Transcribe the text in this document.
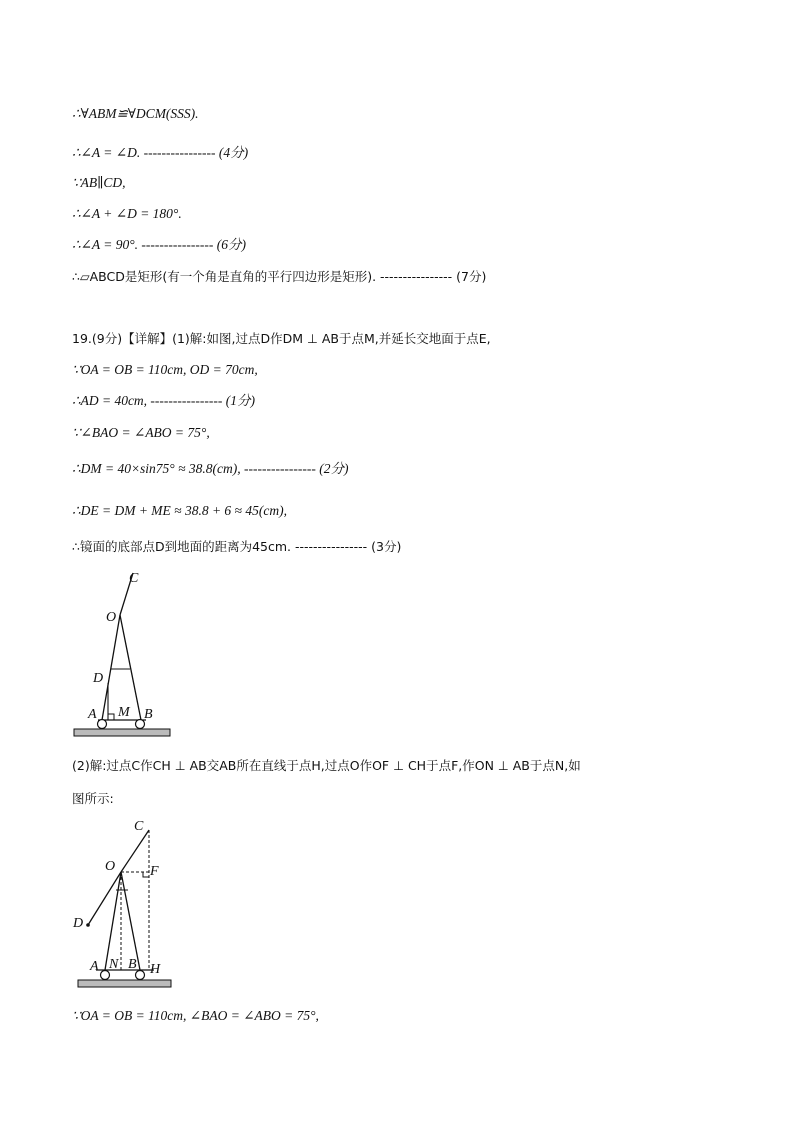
∴∀ABM≌∀DCM(SSS).
∴∠A = ∠D. ---------------- (4分)
∵AB∥CD,
∴∠A + ∠D = 180°.
∴∠A = 90°. ---------------- (6分)
∴▱ABCD是矩形(有一个角是直角的平行四边形是矩形). ---------------- (7分)
19.(9分)【详解】(1)解:如图,过点D作DM ⊥ AB于点M,并延长交地面于点E,
∵OA = OB = 110cm, OD = 70cm,
∴AD = 40cm, ---------------- (1分)
∵∠BAO = ∠ABO = 75°,
∴DM = 40×sin75° ≈ 38.8(cm), ---------------- (2分)
∴DE = DM + ME ≈ 38.8 + 6 ≈ 45(cm),
∴镜面的底部点D到地面的距离为45cm. ---------------- (3分)
C
O
D
A M B
(2)解:过点C作CH ⊥ AB交AB所在直线于点H,过点O作OF ⊥ CH于点F,作ON ⊥ AB于点N,如
图所示:
C
O F
D
A N B H
∵OA = OB = 110cm, ∠BAO = ∠ABO = 75°,
